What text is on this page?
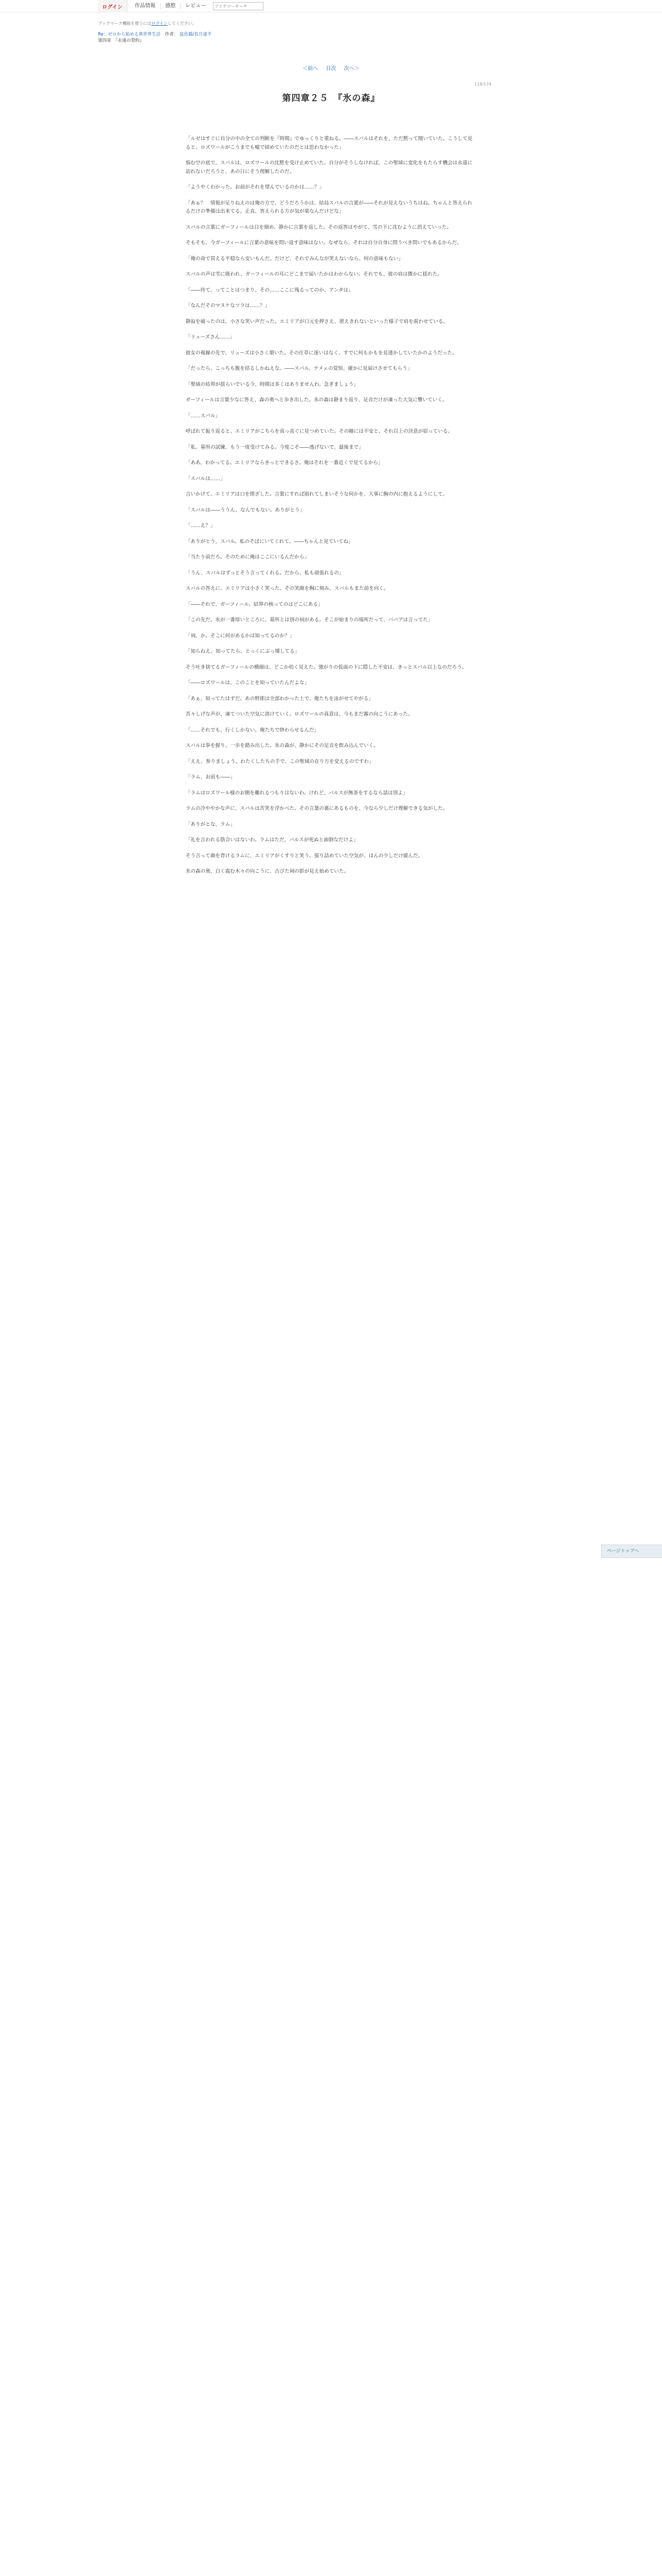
ログイン	作品情報	感想	レビュー
アイテマーサーチ
ブックマーク機能を使うにはログインしてください。
Re：ゼロから始める異世界生活 作者： 鼠色猫/長月達平
第四章　『永遠の契約』
＜前へ 目次 次へ＞
118/174
第四章２５　『氷の森』

「ルゼはすぐに自分の中の全ての判断を『時間』でゆっくりと重ねる。――スバルはそれを、ただ黙って聞いていた。こうして見ると、ロズワールがこうまでも嘘で固めていたのだとは思わなかった」

悩む空の底で、スバルは、ロズワールの沈黙を受け止めていた。自分がそうしなければ、この聖域に変化をもたらす機会は永遠に訪れないだろうと、あの日にそう理解したのだ。

「ようやくわかった。お前がそれを望んでいるのかは……？」

「あぁ？　情報が足りねえのは俺の方で、どうだろうかは、結局スバルの言葉が――それが見えないうちはね。ちゃんと答えられるだけの準備は出来てる。正直、答えられる方が気が楽なんだけどな」

スバルの言葉にガーフィールは目を細め、静かに言葉を返した。その返答はやがて、雪の下に沈むように消えていった。

そもそも、今ガーフィールに言葉の意味を問い返す意味はない。なぜなら、それは自分自身に問うべき問いでもあるからだ。

「俺の命で買える平穏なら安いもんだ。だけど、それでみんなが笑えないなら、何の意味もない」

スバルの声は雪に吸われ、ガーフィールの耳にどこまで届いたかはわからない。それでも、彼の肩は微かに揺れた。

「――待て、ってことはつまり、その……ここに残るってのか、アンタは」

「なんだそのマヌケなツラは……？」

静寂を破ったのは、小さな笑い声だった。エミリアが口元を押さえ、堪えきれないといった様子で肩を震わせている。

「リューズさん……」

彼女の視線の先で、リューズは小さく頷いた。その仕草に迷いはなく、すでに何もかもを見透かしていたかのようだった。

「だったら、こっちも腹を括るしかねえな。――スバル、テメェの覚悟、確かに見届けさせてもらう」

「聖域の結界が揺らいでいる今、時間は多くはありませんわ。急ぎましょう」

ガーフィールは言葉少なに答え、森の奥へと歩き出した。氷の森は静まり返り、足音だけが凍った大気に響いていく。

「……スバル」

呼ばれて振り返ると、エミリアがこちらを真っ直ぐに見つめていた。その瞳には不安と、それ以上の決意が宿っている。

「私、墓所の試練、もう一度受けてみる。今度こそ――逃げないで、最後まで」

「ああ、わかってる。エミリアならきっとできるさ。俺はそれを一番近くで見てるから」

「スバルは……」

言いかけて、エミリアは口を閉ざした。言葉にすれば崩れてしまいそうな何かを、大事に胸の内に抱えるようにして。

「スバルは――ううん、なんでもない。ありがとう」

「……え？」

「ありがとう、スバル。私のそばにいてくれて。――ちゃんと見ていてね」

「当たり前だろ。そのために俺はここにいるんだから」

「うん、スバルはずっとそう言ってくれる。だから、私も頑張れるの」

スバルの答えに、エミリアは小さく笑った。その笑顔を胸に刻み、スバルもまた前を向く。

「――それで、ガーフィール。結界の核ってのはどこにある」

「この先だ。氷が一番厚いところに、墓所とは別の祠がある。そこが始まりの場所だって、ババアは言ってた」

「祠、か。そこに何があるかは知ってるのか？」

「知らねえ。知ってたら、とっくにぶっ壊してる」

そう吐き捨てるガーフィールの横顔は、どこか幼く見えた。強がりの仮面の下に隠した不安は、きっとスバル以上なのだろう。

「――ロズワールは、このことを知っていたんだよな」

「あぁ、知ってたはずだ。あの野郎は全部わかった上で、俺たちを泳がせてやがる」

苦々しげな声が、凍てついた空気に溶けていく。ロズワールの真意は、今もまだ霧の向こうにあった。

「……それでも、行くしかない。俺たちで終わらせるんだ」

スバルは拳を握り、一歩を踏み出した。氷の森が、静かにその足音を飲み込んでいく。

「ええ、参りましょう。わたくしたちの手で、この聖域の在り方を変えるのですわ」

「ラム、お前も――」

「ラムはロズワール様のお側を離れるつもりはないわ。けれど、バルスが無茶をするなら話は別よ」

ラムの冷ややかな声に、スバルは苦笑を浮かべた。その言葉の裏にあるものを、今なら少しだけ理解できる気がした。

「ありがとな、ラム」

「礼を言われる筋合いはないわ。ラムはただ、バルスが死ぬと面倒なだけよ」

そう言って顔を背けるラムに、エミリアがくすりと笑う。張り詰めていた空気が、ほんの少しだけ緩んだ。

氷の森の奥、白く霞む木々の向こうに、古びた祠の影が見え始めていた。

ページトップへ
